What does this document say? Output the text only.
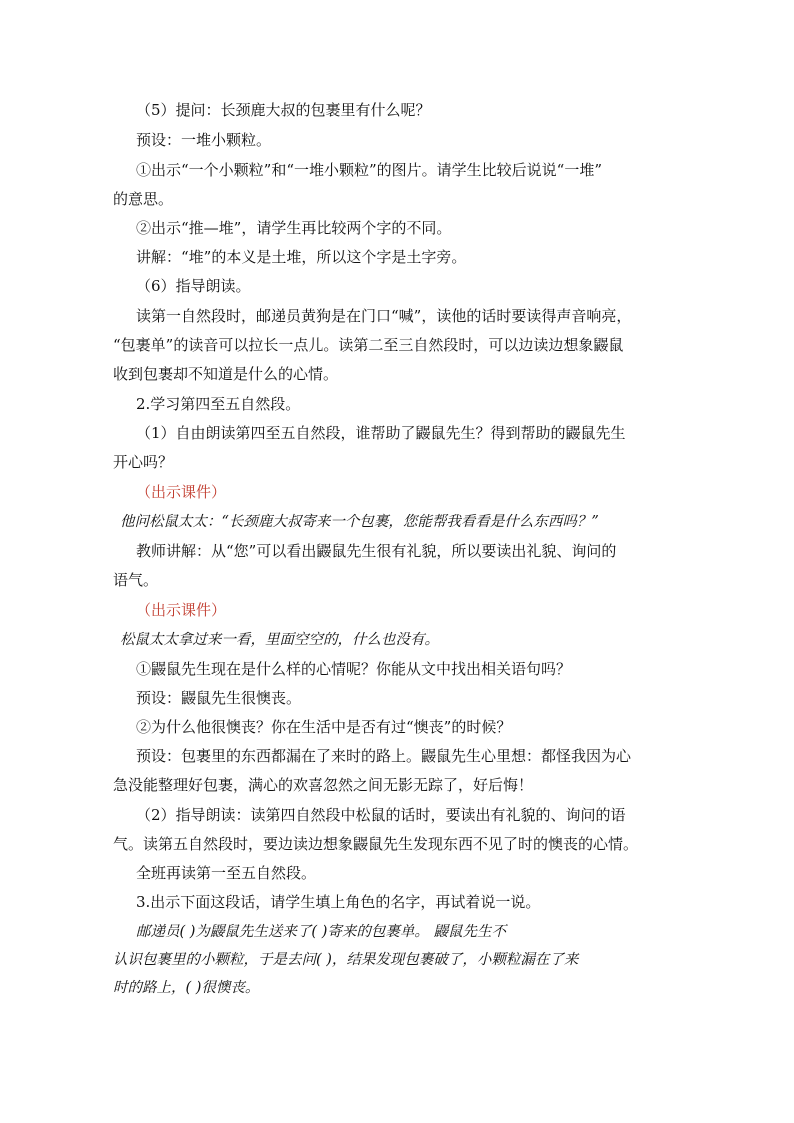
（5）提问：长颈鹿大叔的包裹里有什么呢？
预设：一堆小颗粒。
①出示“一个小颗粒”和“一堆小颗粒”的图片。请学生比较后说说“一堆”
的意思。
②出示“推—堆”，请学生再比较两个字的不同。
讲解：“堆”的本义是土堆，所以这个字是土字旁。
（6）指导朗读。
读第一自然段时，邮递员黄狗是在门口“喊”，读他的话时要读得声音响亮，
“包裹单”的读音可以拉长一点儿。读第二至三自然段时，可以边读边想象鼹鼠
收到包裹却不知道是什么的心情。
2.学习第四至五自然段。
（1）自由朗读第四至五自然段，谁帮助了鼹鼠先生？得到帮助的鼹鼠先生
开心吗？
（出示课件）
他问松鼠太太：“长颈鹿大叔寄来一个包裹，您能帮我看看是什么东西吗？”
教师讲解：从“您”可以看出鼹鼠先生很有礼貌，所以要读出礼貌、询问的
语气。
（出示课件）
松鼠太太拿过来一看，里面空空的，什么也没有。
①鼹鼠先生现在是什么样的心情呢？你能从文中找出相关语句吗？
预设：鼹鼠先生很懊丧。
②为什么他很懊丧？你在生活中是否有过“懊丧”的时候？
预设：包裹里的东西都漏在了来时的路上。鼹鼠先生心里想：都怪我因为心
急没能整理好包裹，满心的欢喜忽然之间无影无踪了，好后悔！
（2）指导朗读：读第四自然段中松鼠的话时，要读出有礼貌的、询问的语
气。读第五自然段时，要边读边想象鼹鼠先生发现东西不见了时的懊丧的心情。
全班再读第一至五自然段。
3.出示下面这段话，请学生填上角色的名字，再试着说一说。
邮递员( )为鼹鼠先生送来了( )寄来的包裹单。 鼹鼠先生不
认识包裹里的小颗粒，于是去问( )，结果发现包裹破了，小颗粒漏在了来
时的路上，( )很懊丧。
